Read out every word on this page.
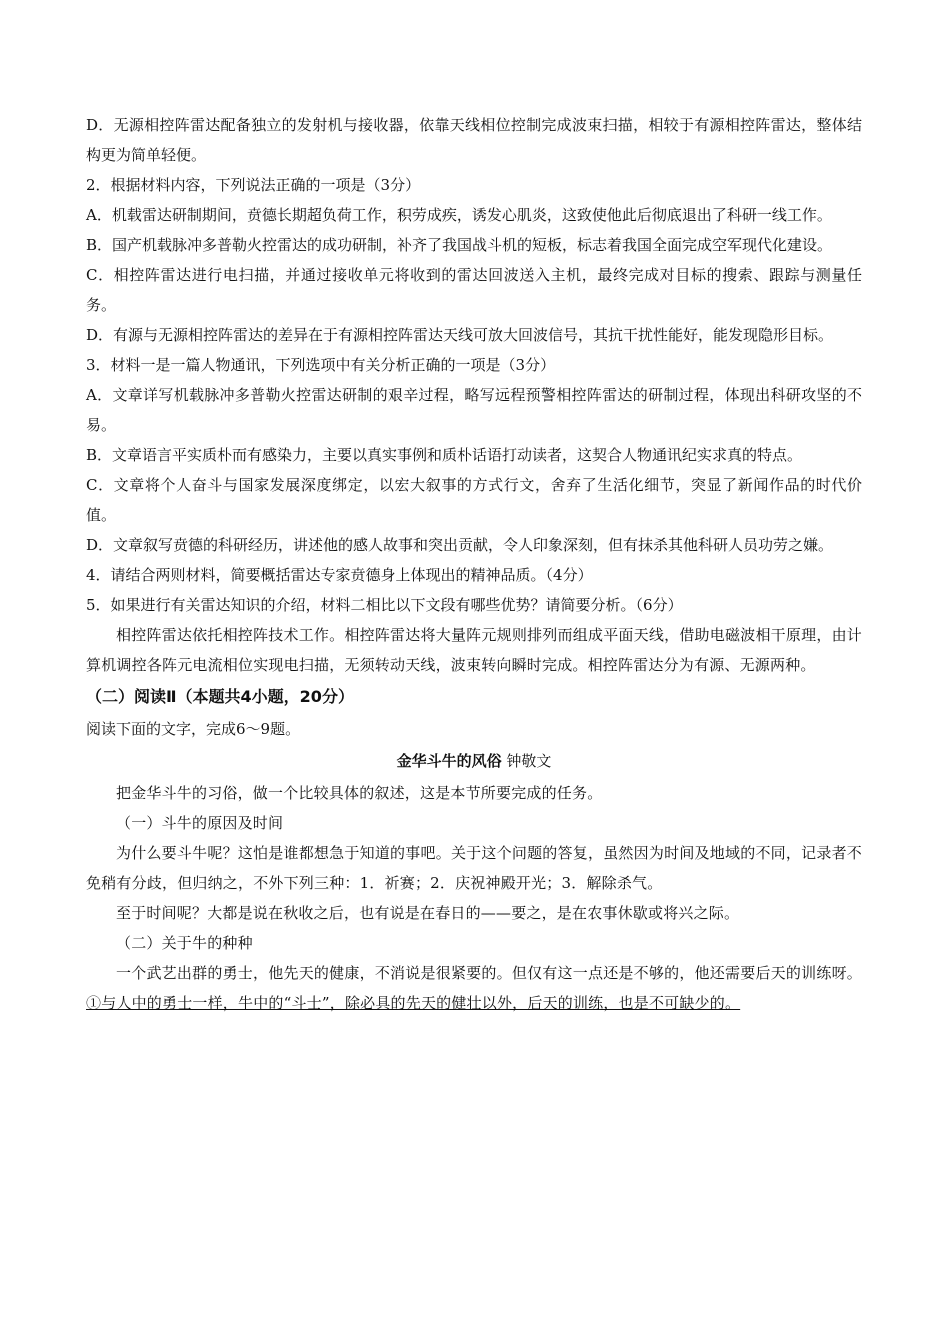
D．无源相控阵雷达配备独立的发射机与接收器，依靠天线相位控制完成波束扫描，相较于有源相控阵雷达，整体结构更为简单轻便。

2．根据材料内容，下列说法正确的一项是（3分）

A．机载雷达研制期间，贲德长期超负荷工作，积劳成疾，诱发心肌炎，这致使他此后彻底退出了科研一线工作。

B．国产机载脉冲多普勒火控雷达的成功研制，补齐了我国战斗机的短板，标志着我国全面完成空军现代化建设。

C．相控阵雷达进行电扫描，并通过接收单元将收到的雷达回波送入主机，最终完成对目标的搜索、跟踪与测量任务。

D．有源与无源相控阵雷达的差异在于有源相控阵雷达天线可放大回波信号，其抗干扰性能好，能发现隐形目标。

3．材料一是一篇人物通讯，下列选项中有关分析正确的一项是（3分）

A．文章详写机载脉冲多普勒火控雷达研制的艰辛过程，略写远程预警相控阵雷达的研制过程，体现出科研攻坚的不易。

B．文章语言平实质朴而有感染力，主要以真实事例和质朴话语打动读者，这契合人物通讯纪实求真的特点。

C．文章将个人奋斗与国家发展深度绑定，以宏大叙事的方式行文，舍弃了生活化细节，突显了新闻作品的时代价值。

D．文章叙写贲德的科研经历，讲述他的感人故事和突出贡献，令人印象深刻，但有抹杀其他科研人员功劳之嫌。

4．请结合两则材料，简要概括雷达专家贲德身上体现出的精神品质。（4分）

5．如果进行有关雷达知识的介绍，材料二相比以下文段有哪些优势？请简要分析。（6分）

相控阵雷达依托相控阵技术工作。相控阵雷达将大量阵元规则排列而组成平面天线，借助电磁波相干原理，由计算机调控各阵元电流相位实现电扫描，无须转动天线，波束转向瞬时完成。相控阵雷达分为有源、无源两种。

（二）阅读Ⅱ（本题共4小题，20分）

阅读下面的文字，完成6～9题。

金华斗牛的风俗 钟敬文

把金华斗牛的习俗，做一个比较具体的叙述，这是本节所要完成的任务。

（一）斗牛的原因及时间

为什么要斗牛呢？这怕是谁都想急于知道的事吧。关于这个问题的答复，虽然因为时间及地域的不同，记录者不免稍有分歧，但归纳之，不外下列三种：1．祈赛；2．庆祝神殿开光；3．解除杀气。

至于时间呢？大都是说在秋收之后，也有说是在春日的——要之，是在农事休歇或将兴之际。

（二）关于牛的种种

一个武艺出群的勇士，他先天的健康，不消说是很紧要的。但仅有这一点还是不够的，他还需要后天的训练呀。①与人中的勇士一样，牛中的“斗士”，除必具的先天的健壮以外，后天的训练，也是不可缺少的。
